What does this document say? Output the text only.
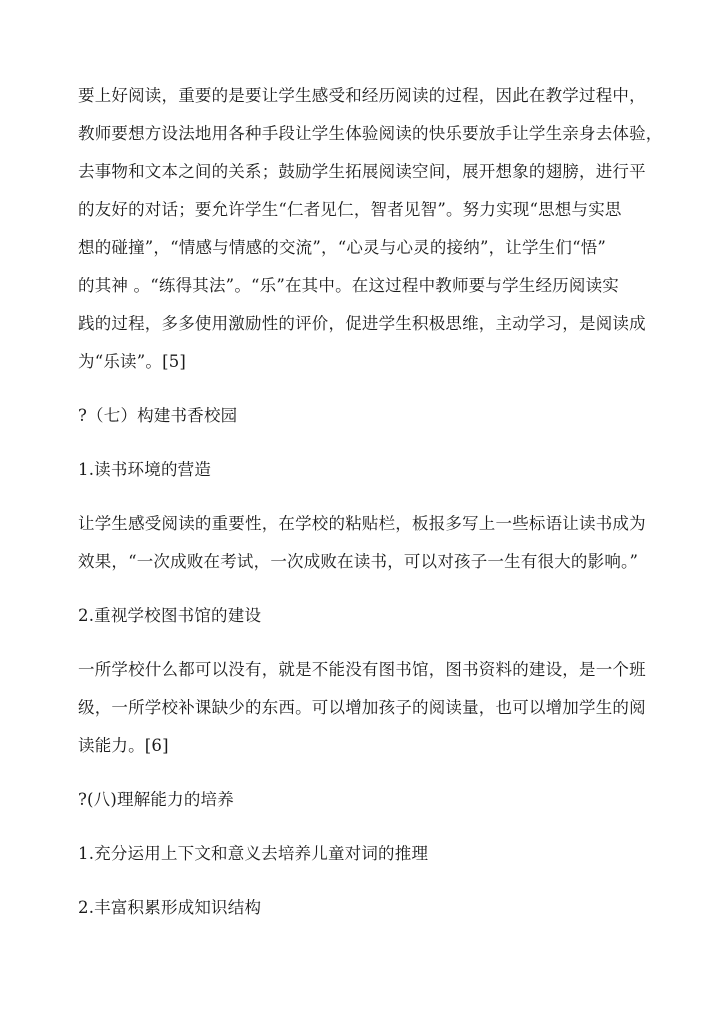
要上好阅读，重要的是要让学生感受和经历阅读的过程，因此在教学过程中，
教师要想方设法地用各种手段让学生体验阅读的快乐要放手让学生亲身去体验，
去事物和文本之间的关系；鼓励学生拓展阅读空间，展开想象的翅膀，进行平
的友好的对话；要允许学生“仁者见仁，智者见智”。努力实现“思想与实思
想的碰撞”，“情感与情感的交流”，“心灵与心灵的接纳”，让学生们“悟”
的其神 。“练得其法”。“乐”在其中。在这过程中教师要与学生经历阅读实
践的过程，多多使用激励性的评价，促进学生积极思维，主动学习，是阅读成
为“乐读”。[5]
?（七）构建书香校园
1.读书环境的营造
让学生感受阅读的重要性，在学校的粘贴栏，板报多写上一些标语让读书成为
效果，“一次成败在考试，一次成败在读书，可以对孩子一生有很大的影响。”
2.重视学校图书馆的建设
一所学校什么都可以没有，就是不能没有图书馆，图书资料的建设，是一个班
级，一所学校补课缺少的东西。可以增加孩子的阅读量，也可以增加学生的阅
读能力。[6]
?(八)理解能力的培养
1.充分运用上下文和意义去培养儿童对词的推理
2.丰富积累形成知识结构
